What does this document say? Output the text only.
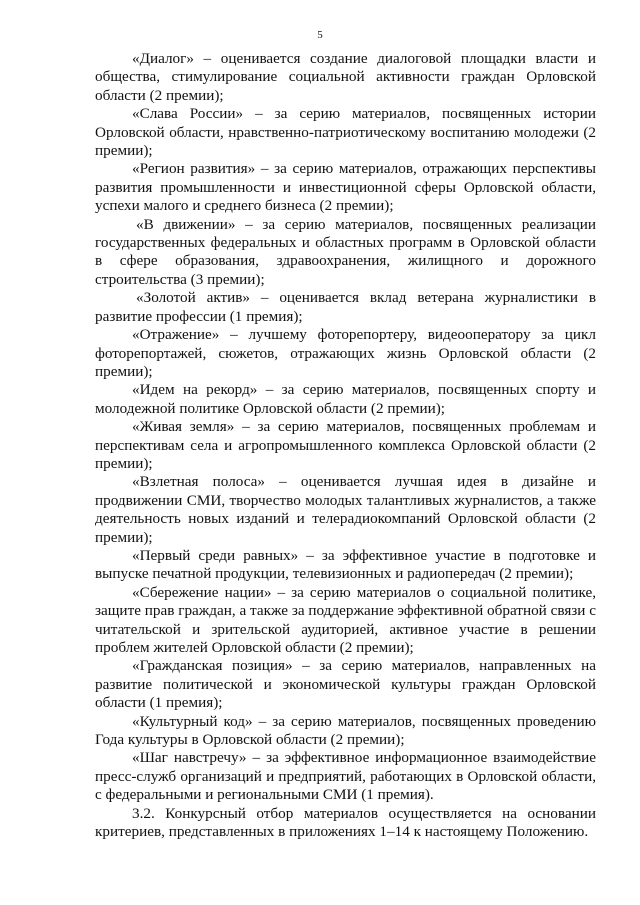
5

«Диалог» – оценивается создание диалоговой площадки власти и общества, стимулирование социальной активности граждан Орловской области (2 премии);

«Слава России» – за серию материалов, посвященных истории Орловской области, нравственно-патриотическому воспитанию молодежи (2 премии);

«Регион развития» – за серию материалов, отражающих перспективы развития промышленности и инвестиционной сферы Орловской области, успехи малого и среднего бизнеса (2 премии);

«В движении» – за серию материалов, посвященных реализации государственных федеральных и областных программ в Орловской области в сфере образования, здравоохранения, жилищного и дорожного строительства (3 премии);

«Золотой актив» – оценивается вклад ветерана журналистики в развитие профессии (1 премия);

«Отражение» – лучшему фоторепортеру, видеооператору за цикл фоторепортажей, сюжетов, отражающих жизнь Орловской области (2 премии);

«Идем на рекорд» – за серию материалов, посвященных спорту и молодежной политике Орловской области (2 премии);

«Живая земля» – за серию материалов, посвященных проблемам и перспективам села и агропромышленного комплекса Орловской области (2 премии);

«Взлетная полоса» – оценивается лучшая идея в дизайне и продвижении СМИ, творчество молодых талантливых журналистов, а также деятельность новых изданий и телерадиокомпаний Орловской области (2 премии);

«Первый среди равных» – за эффективное участие в подготовке и выпуске печатной продукции, телевизионных и радиопередач (2 премии);

«Сбережение нации» – за серию материалов о социальной политике, защите прав граждан, а также за поддержание эффективной обратной связи с читательской и зрительской аудиторией, активное участие в решении проблем жителей Орловской области (2 премии);

«Гражданская позиция» – за серию материалов, направленных на развитие политической и экономической культуры граждан Орловской области (1 премия);

«Культурный код» – за серию материалов, посвященных проведению Года культуры в Орловской области (2 премии);

«Шаг навстречу» – за эффективное информационное взаимодействие пресс-служб организаций и предприятий, работающих в Орловской области, с федеральными и региональными СМИ (1 премия).

3.2. Конкурсный отбор материалов осуществляется на основании критериев, представленных в приложениях 1–14 к настоящему Положению.
